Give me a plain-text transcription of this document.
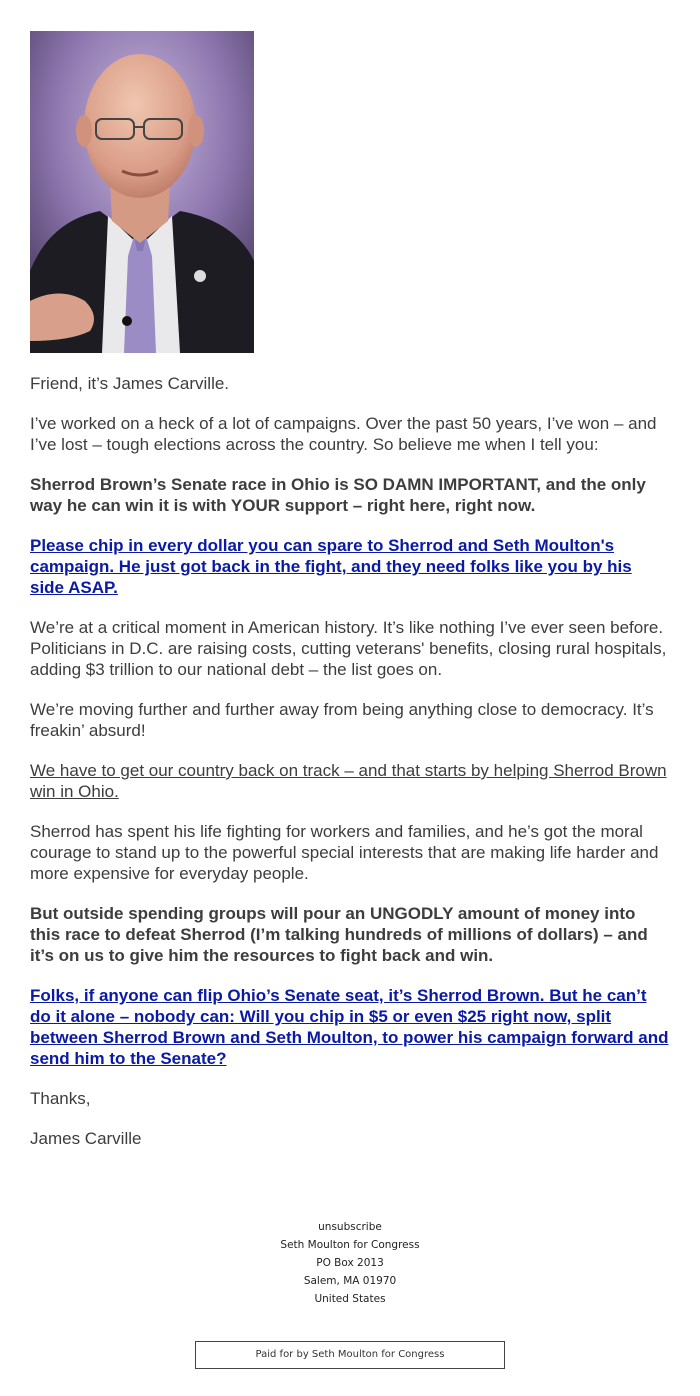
Friend, it’s James Carville.

I’ve worked on a heck of a lot of campaigns. Over the past 50 years, I’ve won – and I’ve lost – tough elections across the country. So believe me when I tell you:

Sherrod Brown’s Senate race in Ohio is SO DAMN IMPORTANT, and the only way he can win it is with YOUR support – right here, right now.

Please chip in every dollar you can spare to Sherrod and Seth Moulton's campaign. He just got back in the fight, and they need folks like you by his side ASAP.

We’re at a critical moment in American history. It’s like nothing I’ve ever seen before. Politicians in D.C. are raising costs, cutting veterans' benefits, closing rural hospitals, adding $3 trillion to our national debt – the list goes on.

We’re moving further and further away from being anything close to democracy. It’s freakin’ absurd!

We have to get our country back on track – and that starts by helping Sherrod Brown win in Ohio.

Sherrod has spent his life fighting for workers and families, and he’s got the moral courage to stand up to the powerful special interests that are making life harder and more expensive for everyday people.

But outside spending groups will pour an UNGODLY amount of money into this race to defeat Sherrod (I’m talking hundreds of millions of dollars) – and it’s on us to give him the resources to fight back and win.

Folks, if anyone can flip Ohio’s Senate seat, it’s Sherrod Brown. But he can’t do it alone – nobody can: Will you chip in $5 or even $25 right now, split between Sherrod Brown and Seth Moulton, to power his campaign forward and send him to the Senate?

Thanks,

James Carville

unsubscribe
Seth Moulton for Congress
PO Box 2013
Salem, MA 01970
United States
Paid for by Seth Moulton for Congress
